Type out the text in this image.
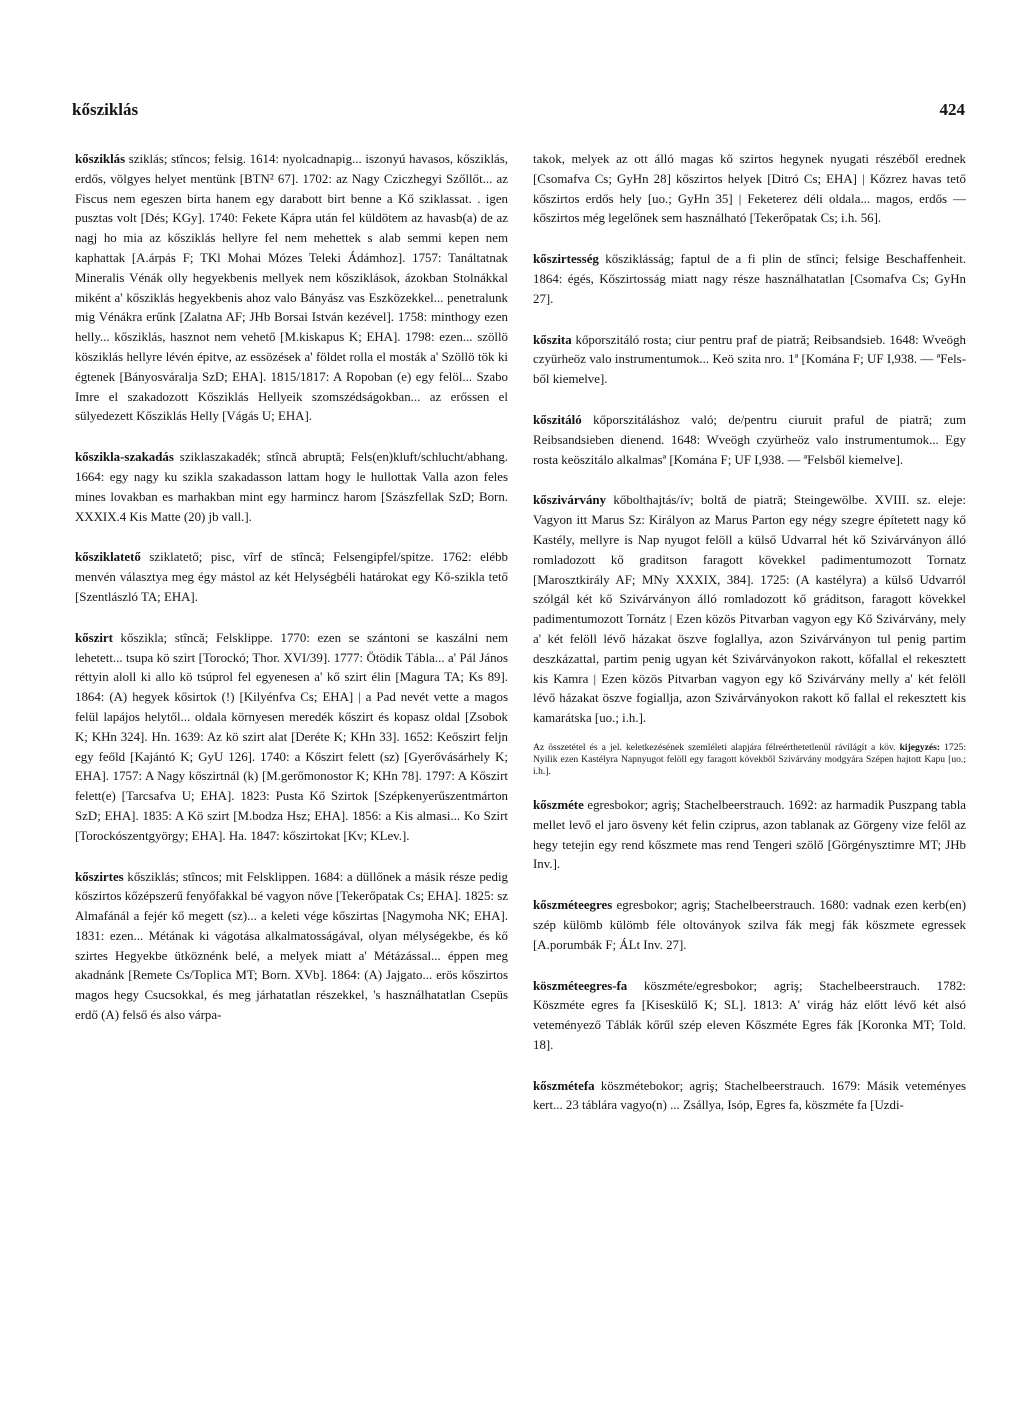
kősziklás	424

kősziklás sziklás; stîncos; felsig. 1614: nyolcadnapig... iszonyú havasos, kősziklás, erdős, völgyes helyet mentünk [BTN² 67]. 1702: az Nagy Cziczhegyi Szőllőt... az Fiscus nem egeszen birta hanem egy darabott birt benne a Kő sziklassat. . igen pusztas volt [Dés; KGy]. 1740: Fekete Kápra után fel küldötem az havasb(a) de az nagj ho mia az kősziklás hellyre fel nem mehettek s alab semmi kepen nem kaphattak [A.árpás F; TKl Mohai Mózes Teleki Ádámhoz]. 1757: Tanáltatnak Mineralis Vénák olly hegyekbenis mellyek nem kősziklások, ázokban Stolnákkal miként a' kősziklás hegyekbenis ahoz valo Bányász vas Eszközekkel... penetralunk mig Vénákra erűnk [Zalatna AF; JHb Borsai István kezével]. 1758: minthogy ezen helly... kősziklás, hasznot nem vehető [M.kiskapus K; EHA]. 1798: ezen... szöllö kösziklás hellyre lévén épitve, az essözések a' földet rolla el mosták a' Szöllö tök ki égtenek [Bányosváralja SzD; EHA]. 1815/1817: A Ropoban (e) egy felöl... Szabo Imre el szakadozott Kősziklás Hellyeik szomszédságokban... az erőssen el sülyedezett Kősziklás Helly [Vágás U; EHA].

kőszikla-szakadás sziklaszakadék; stîncă abruptă; Fels(en)kluft/schlucht/abhang. 1664: egy nagy ku szikla szakadasson lattam hogy le hullottak Valla azon feles mines lovakban es marhakban mint egy harmincz harom [Szászfellak SzD; Born. XXXIX.4 Kis Matte (20) jb vall.].

kősziklatető sziklatető; pisc, vîrf de stîncă; Felsengipfel/spitze. 1762: elébb menvén választya meg égy mástol az két Helységbéli határokat egy Kő-szikla tető [Szentlászló TA; EHA].

kőszirt kőszikla; stîncă; Felsklippe. 1770: ezen se szántoni se kaszálni nem lehetett... tsupa kö szirt [Torockó; Thor. XVI/39]. 1777: Ötödik Tábla... a' Pál János réttyin aloll ki allo kö tsúprol fel egyenesen a' kő szirt élin [Magura TA; Ks 89]. 1864: (A) hegyek kősirtok (!) [Kilyénfva Cs; EHA] | a Pad nevét vette a magos felül lapájos helytől... oldala környesen meredék kőszirt és kopasz oldal [Zsobok K; KHn 324]. Hn. 1639: Az kö szirt alat [Deréte K; KHn 33]. 1652: Keőszirt feljn egy feőld [Kajántó K; GyU 126]. 1740: a Kőszirt felett (sz) [Gyerővásárhely K; EHA]. 1757: A Nagy kőszirtnál (k) [M.gerőmonostor K; KHn 78]. 1797: A Kőszirt felett(e) [Tarcsafva U; EHA]. 1823: Pusta Kő Szirtok [Szépkenyerűszentmárton SzD; EHA]. 1835: A Kö szirt [M.bodza Hsz; EHA]. 1856: a Kis almasi... Ko Szirt [Torockószentgyörgy; EHA]. Ha. 1847: kőszirtokat [Kv; KLev.].

kőszirtes kősziklás; stîncos; mit Felsklippen. 1684: a düllőnek a másik része pedig kőszirtos kőzépszerű fenyőfakkal bé vagyon nőve [Tekerőpatak Cs; EHA]. 1825: sz Almafánál a fejér kő megett (sz)... a keleti vége kőszirtas [Nagymoha NK; EHA]. 1831: ezen... Métának ki vágotása alkalmatosságával, olyan mélységekbe, és kő szirtes Hegyekbe ütköznénk belé, a melyek miatt a' Métázással... éppen meg akadnánk [Remete Cs/Toplica MT; Born. XVb]. 1864: (A) Jajgato... erös kőszirtos magos hegy Csucsokkal, és meg járhatatlan részekkel, 's használhatatlan Csepüs erdő (A) felső és also várpa-

takok, melyek az ott álló magas kő szirtos hegynek nyugati részéből erednek [Csomafva Cs; GyHn 28] kőszirtos helyek [Ditró Cs; EHA] | Kőzrez havas tető kőszirtos erdős hely [uo.; GyHn 35] | Feketerez déli oldala... magos, erdős — kőszirtos még legelőnek sem használható [Tekerőpatak Cs; i.h. 56].

kőszirtesség kősziklásság; faptul de a fi plin de stînci; felsige Beschaffenheit. 1864: égés, Kőszirtosság miatt nagy része használhatatlan [Csomafva Cs; GyHn 27].

kőszita kőporszitáló rosta; ciur pentru praf de piatră; Reibsandsieb. 1648: Wveögh czyürheöz valo instrumentumok... Keö szita nro. 1ª [Komána F; UF I,938. — ªFels-ből kiemelve].

kőszitáló kőporszitáláshoz való; de/pentru ciuruit praful de piatră; zum Reibsandsieben dienend. 1648: Wveögh czyürheöz valo instrumentumok... Egy rosta keöszitálo alkalmasª [Komána F; UF I,938. — ªFelsből kiemelve].

kőszivárvány kőbolthajtás/ív; boltă de piatră; Steingewölbe. XVIII. sz. eleje: Vagyon itt Marus Sz: Királyon az Marus Parton egy négy szegre építetett nagy kő Kastély, mellyre is Nap nyugot felöll a külső Udvarral hét kő Szivárványon álló romladozott kő graditson faragott kövekkel padimentumozott Tornatz [Marosztkirály AF; MNy XXXIX, 384]. 1725: (A kastélyra) a külső Udvarról szólgál két kő Szivárványon álló romladozott kő gráditson, faragott kövekkel padimentumozott Tornátz | Ezen közös Pitvarban vagyon egy Kő Szivárvány, mely a' két felöll lévő házakat öszve foglallya, azon Szivárványon tul penig partim deszkázattal, partim penig ugyan két Szivárványokon rakott, kőfallal el rekesztett kis Kamra | Ezen közös Pitvarban vagyon egy kő Szivárvány melly a' két felöll lévő házakat öszve fogiallja, azon Szivárványokon rakott kő fallal el rekesztett kis kamarátska [uo.; i.h.].

Az összetétel és a jel. keletkezésének szemléleti alapjára félreérthetetlenül rávilágít a köv. kijegyzés: 1725: Nyilik ezen Kastélyra Napnyugot felöll egy faragott kövekből Szivárvány modgyára Szépen hajtott Kapu [uo.; i.h.].

kőszméte egresbokor; agriş; Stachelbeerstrauch. 1692: az harmadik Puszpang tabla mellet levő el jaro ösveny két felin cziprus, azon tablanak az Görgeny vize felől az hegy tetejin egy rend kőszmete mas rend Tengeri szölő [Görgénysztimre MT; JHb Inv.].

kőszméteegres egresbokor; agriş; Stachelbeerstrauch. 1680: vadnak ezen kerb(en) szép külömb külömb féle oltoványok szilva fák megj fák köszmete egressek [A.porumbák F; ÁLt Inv. 27].

köszméteegres-fa köszméte/egresbokor; agriş; Stachelbeerstrauch. 1782: Köszméte egres fa [Kiseskülő K; SL]. 1813: A' virág ház előtt lévő két alsó veteményező Táblák kőrűl szép eleven Kőszméte Egres fák [Koronka MT; Told. 18].

kőszmétefa köszmétebokor; agriş; Stachelbeerstrauch. 1679: Másik veteményes kert... 23 táblára vagyo(n) ... Zsállya, Isóp, Egres fa, köszméte fa [Uzdi-
